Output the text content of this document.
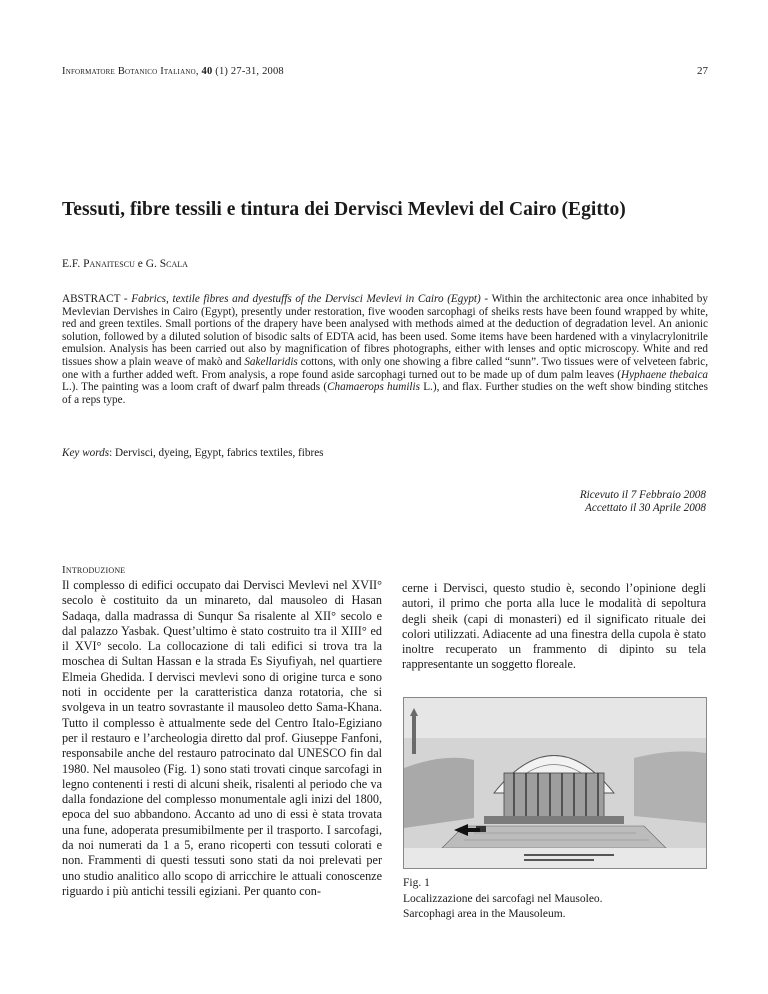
Informatore Botanico Italiano, 40 (1) 27-31, 2008	27
Tessuti, fibre tessili e tintura dei Dervisci Mevlevi del Cairo (Egitto)
E.F. Panaitescu e G. Scala

ABSTRACT - Fabrics, textile fibres and dyestuffs of the Dervisci Mevlevi in Cairo (Egypt) - Within the architectonic area once inhabited by Mevlevian Dervishes in Cairo (Egypt), presently under restoration, five wooden sarcophagi of sheiks rests have been found wrapped by white, red and green textiles. Small portions of the drapery have been analysed with methods aimed at the deduction of degradation level. An anionic solution, followed by a diluted solution of bisodic salts of EDTA acid, has been used. Some items have been hardened with a vinylacrylonitrile emulsion. Analysis has been carried out also by magnification of fibres photographs, either with lenses and optic microscopy. White and red tissues show a plain weave of makò and Sakellaridis cottons, with only one showing a fibre called “sunn”. Two tissues were of velveteen fabric, one with a further added weft. From analysis, a rope found aside sarcophagi turned out to be made up of dum palm leaves (Hyphaene thebaica L.). The painting was a loom craft of dwarf palm threads (Chamaerops humilis L.), and flax. Further studies on the weft show binding stitches of a reps type.

Key words: Dervisci, dyeing, Egypt, fabrics textiles, fibres
Ricevuto il 7 Febbraio 2008
Accettato il 30 Aprile 2008
Introduzione

Il complesso di edifici occupato dai Dervisci Mevlevi nel XVII° secolo è costituito da un minareto, dal mausoleo di Hasan Sadaqa, dalla madrassa di Sunqur Sa risalente al XII° secolo e dal palazzo Yasbak. Quest’ultimo è stato costruito tra il XIII° ed il XVI° secolo. La collocazione di tali edifici si trova tra la moschea di Sultan Hassan e la strada Es Siyufiyah, nel quartiere Elmeia Ghedida. I dervisci mevlevi sono di origine turca e sono noti in occidente per la caratteristica danza rotatoria, che si svolgeva in un teatro sovrastante il mausoleo detto Sama-Khana. Tutto il complesso è attualmente sede del Centro Italo-Egiziano per il restauro e l’archeologia diretto dal prof. Giuseppe Fanfoni, responsabile anche del restauro patrocinato dal UNESCO fin dal 1980. Nel mausoleo (Fig. 1) sono stati trovati cinque sarcofagi in legno contenenti i resti di alcuni sheik, risalenti al periodo che va dalla fondazione del complesso monumentale agli inizi del 1800, epoca del suo abbandono. Accanto ad uno di essi è stata trovata una fune, adoperata presumibilmente per il trasporto. I sarcofagi, da noi numerati da 1 a 5, erano ricoperti con tessuti colorati e non. Frammenti di questi tessuti sono stati da noi prelevati per uno studio analitico allo scopo di arricchire le attuali conoscenze riguardo i più antichi tessili egiziani. Per quanto con-

cerne i Dervisci, questo studio è, secondo l’opinione degli autori, il primo che porta alla luce le modalità di sepoltura degli sheik (capi di monasteri) ed il significato rituale dei colori utilizzati. Adiacente ad una finestra della cupola è stato inoltre recuperato un frammento di dipinto su tela rappresentante un soggetto floreale.

Fig. 1
Localizzazione dei sarcofagi nel Mausoleo.
Sarcophagi area in the Mausoleum.
